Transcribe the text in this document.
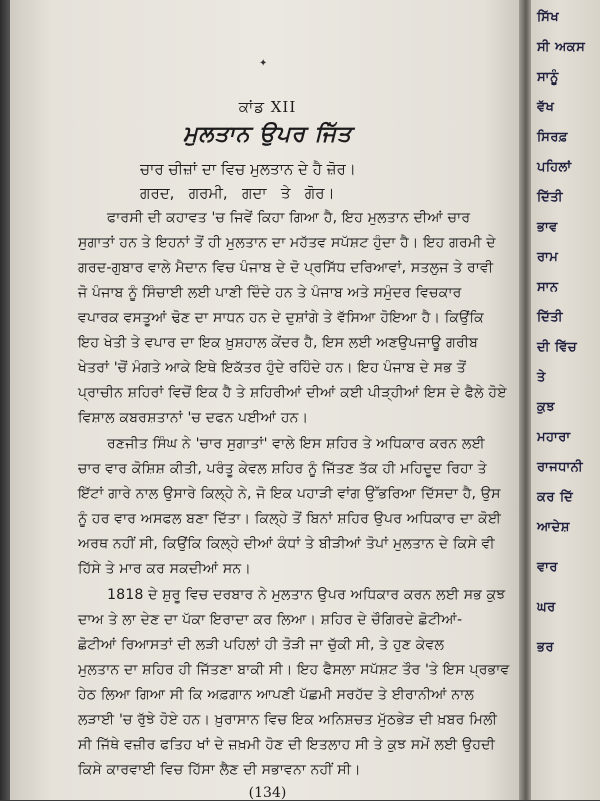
✦
ਕਾਂਡ XII
ਮੁਲਤਾਨ ਉਪਰ ਜਿੱਤ
ਚਾਰ ਚੀਜ਼ਾਂ ਦਾ ਵਿਚ ਮੁਲਤਾਨ ਦੇ ਹੈ ਜ਼ੋਰ।
ਗਰਦ,   ਗਰਮੀ,   ਗਦਾ   ਤੇ   ਗੋਰ।
ਫਾਰਸੀ ਦੀ ਕਹਾਵਤ 'ਚ ਜਿਵੇਂ ਕਿਹਾ ਗਿਆ ਹੈ, ਇਹ ਮੁਲਤਾਨ ਦੀਆਂ ਚਾਰ
ਸੁਗਾਤਾਂ ਹਨ ਤੇ ਇਹਨਾਂ ਤੋਂ ਹੀ ਮੁਲਤਾਨ ਦਾ ਮਹੱਤਵ ਸਪੱਸ਼ਟ ਹੁੰਦਾ ਹੈ। ਇਹ ਗਰਮੀ ਦੇ
ਗਰਦ-ਗੁਬਾਰ ਵਾਲੇ ਮੈਦਾਨ ਵਿਚ ਪੰਜਾਬ ਦੇ ਦੋ ਪ੍ਰਸਿੱਧ ਦਰਿਆਵਾਂ, ਸਤਲੁਜ ਤੇ ਰਾਵੀ
ਜੋ ਪੰਜਾਬ ਨੂੰ ਸਿੰਚਾਈ ਲਈ ਪਾਣੀ ਦਿੰਦੇ ਹਨ ਤੇ ਪੰਜਾਬ ਅਤੇ ਸਮੁੰਦਰ ਵਿਚਕਾਰ
ਵਪਾਰਕ ਵਸਤੂਆਂ ਢੋਣ ਦਾ ਸਾਧਨ ਹਨ ਦੇ ਦੁਸ਼ਾਂਗੇ ਤੇ ਵੱਸਿਆ ਹੋਇਆ ਹੈ। ਕਿਉਂਕਿ
ਇਹ ਖੇਤੀ ਤੇ ਵਪਾਰ ਦਾ ਇਕ ਖ਼ੁਸ਼ਹਾਲ ਕੇਂਦਰ ਹੈ, ਇਸ ਲਈ ਅਣਉਪਜਾਊ ਗਰੀਬ
ਖੇਤਰਾਂ 'ਚੋਂ ਮੰਗਤੇ ਆਕੇ ਇਥੇ ਇਕੱਤਰ ਹੁੰਦੇ ਰਹਿੰਦੇ ਹਨ। ਇਹ ਪੰਜਾਬ ਦੇ ਸਭ ਤੋਂ
ਪ੍ਰਾਚੀਨ ਸ਼ਹਿਰਾਂ ਵਿਚੋਂ ਇਕ ਹੈ ਤੇ ਸ਼ਹਿਰੀਆਂ ਦੀਆਂ ਕਈ ਪੀੜ੍ਹੀਆਂ ਇਸ ਦੇ ਫੈਲੇ ਹੋਏ
ਵਿਸ਼ਾਲ ਕਬਰਸ਼ਤਾਨਾਂ 'ਚ ਦਫਨ ਪਈਆਂ ਹਨ।
ਰਣਜੀਤ ਸਿੰਘ ਨੇ 'ਚਾਰ ਸੁਗਾਤਾਂ' ਵਾਲੇ ਇਸ ਸ਼ਹਿਰ ਤੇ ਅਧਿਕਾਰ ਕਰਨ ਲਈ
ਚਾਰ ਵਾਰ ਕੋਸ਼ਿਸ਼ ਕੀਤੀ, ਪਰੰਤੂ ਕੇਵਲ ਸ਼ਹਿਰ ਨੂੰ ਜਿੱਤਣ ਤੱਕ ਹੀ ਮਹਿਦੂਦ ਰਿਹਾ ਤੇ
ਇੱਟਾਂ ਗਾਰੇ ਨਾਲ ਉਸਾਰੇ ਕਿਲ੍ਹੇ ਨੇ, ਜੋ ਇਕ ਪਹਾੜੀ ਵਾਂਗ ਉੱਭਰਿਆ ਦਿੱਸਦਾ ਹੈ, ਉਸ
ਨੂੰ ਹਰ ਵਾਰ ਅਸਫਲ ਬਣਾ ਦਿੱਤਾ। ਕਿਲ੍ਹੇ ਤੋਂ ਬਿਨਾਂ ਸ਼ਹਿਰ ਉਪਰ ਅਧਿਕਾਰ ਦਾ ਕੋਈ
ਅਰਥ ਨਹੀਂ ਸੀ, ਕਿਉਂਕਿ ਕਿਲ੍ਹੇ ਦੀਆਂ ਕੰਧਾਂ ਤੇ ਬੀੜੀਆਂ ਤੋਪਾਂ ਮੁਲਤਾਨ ਦੇ ਕਿਸੇ ਵੀ
ਹਿੱਸੇ ਤੇ ਮਾਰ ਕਰ ਸਕਦੀਆਂ ਸਨ।
1818 ਦੇ ਸ਼ੁਰੂ ਵਿਚ ਦਰਬਾਰ ਨੇ ਮੁਲਤਾਨ ਉਪਰ ਅਧਿਕਾਰ ਕਰਨ ਲਈ ਸਭ ਕੁਝ
ਦਾਅ ਤੇ ਲਾ ਦੇਣ ਦਾ ਪੱਕਾ ਇਰਾਦਾ ਕਰ ਲਿਆ। ਸ਼ਹਿਰ ਦੇ ਚੌਗਿਰਦੇ ਛੋਟੀਆਂ-
ਛੋਟੀਆਂ ਰਿਆਸਤਾਂ ਦੀ ਲੜੀ ਪਹਿਲਾਂ ਹੀ ਤੋੜੀ ਜਾ ਚੁੱਕੀ ਸੀ, ਤੇ ਹੁਣ ਕੇਵਲ
ਮੁਲਤਾਨ ਦਾ ਸ਼ਹਿਰ ਹੀ ਜਿੱਤਣਾ ਬਾਕੀ ਸੀ। ਇਹ ਫੈਸਲਾ ਸਪੱਸ਼ਟ ਤੌਰ 'ਤੇ ਇਸ ਪ੍ਰਭਾਵ
ਹੇਠ ਲਿਆ ਗਿਆ ਸੀ ਕਿ ਅਫ਼ਗਾਨ ਆਪਣੀ ਪੱਛਮੀ ਸਰਹੱਦ ਤੇ ਈਰਾਨੀਆਂ ਨਾਲ
ਲੜਾਈ 'ਚ ਰੁੱਝੇ ਹੋਏ ਹਨ। ਖ਼ੁਰਾਸਾਨ ਵਿਚ ਇਕ ਅਨਿਸ਼ਚਤ ਮੁੱਠਭੇੜ ਦੀ ਖ਼ਬਰ ਮਿਲੀ
ਸੀ ਜਿੱਥੇ ਵਜ਼ੀਰ ਫਤਿਹ ਖਾਂ ਦੇ ਜ਼ਖ਼ਮੀ ਹੋਣ ਦੀ ਇਤਲਾਹ ਸੀ ਤੇ ਕੁਝ ਸਮੇਂ ਲਈ ਉਹਦੀ
ਕਿਸੇ ਕਾਰਵਾਈ ਵਿਚ ਹਿੱਸਾ ਲੈਣ ਦੀ ਸਭਾਵਨਾ ਨਹੀਂ ਸੀ।
(134)
ਸਿੱਖ
ਸੀ ਅਕਸ
ਸਾਨੂੰ
ਵੱਖ
ਸਿਰਫ਼
ਪਹਿਲਾਂ
ਦਿੱਤੀ
ਭਾਵ
ਰਾਮ
ਸਾਨ
ਦਿੱਤੀ
ਦੀ ਵਿੱਚ
ਤੇ
ਕੁਝ
ਮਹਾਰਾ
ਰਾਜਧਾਨੀ
ਕਰ ਦਿੱ
ਆਦੇਸ਼
ਵਾਰ
ਘਰ
ਭਰ
